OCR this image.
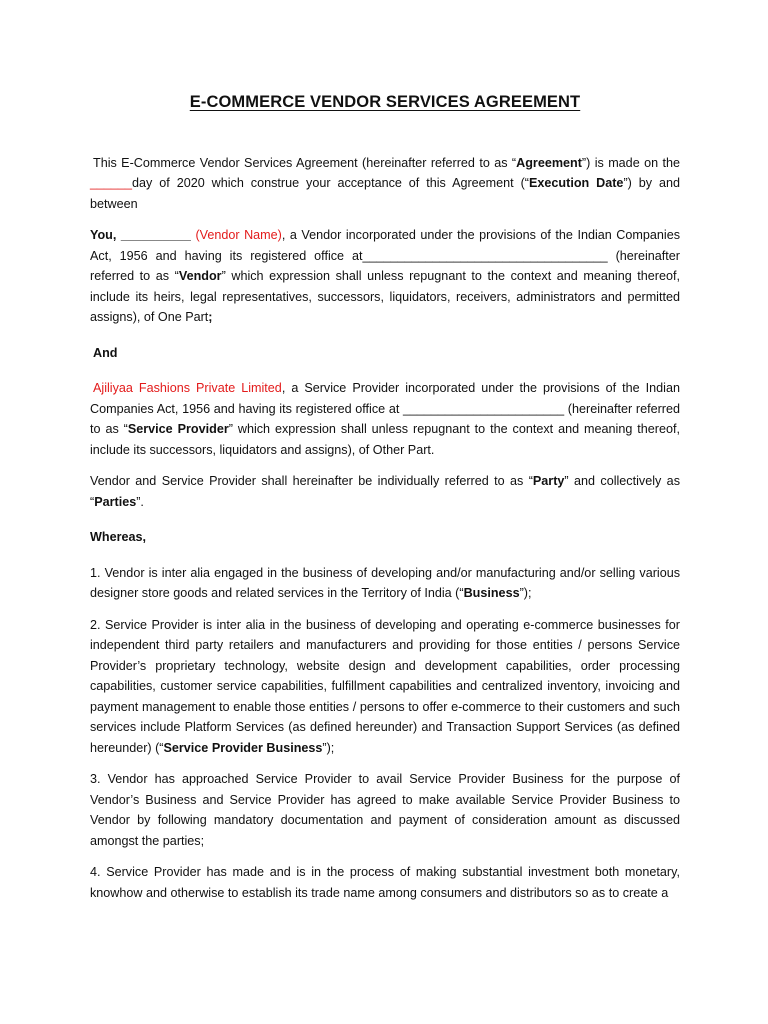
E-COMMERCE VENDOR SERVICES AGREEMENT

This E-Commerce Vendor Services Agreement (hereinafter referred to as “Agreement”) is made on the ______day of 2020 which construe your acceptance of this Agreement (“Execution Date”) by and between

You, __________ (Vendor Name), a Vendor incorporated under the provisions of the Indian Companies Act, 1956 and having its registered office at___________________________________ (hereinafter referred to as “Vendor” which expression shall unless repugnant to the context and meaning thereof, include its heirs, legal representatives, successors, liquidators, receivers, administrators and permitted assigns), of One Part;

And

Ajiliyaa Fashions Private Limited, a Service Provider incorporated under the provisions of the Indian Companies Act, 1956 and having its registered office at _______________________ (hereinafter referred to as “Service Provider” which expression shall unless repugnant to the context and meaning thereof, include its successors, liquidators and assigns), of Other Part.

Vendor and Service Provider shall hereinafter be individually referred to as “Party” and collectively as “Parties”.

Whereas,

1. Vendor is inter alia engaged in the business of developing and/or manufacturing and/or selling various designer store goods and related services in the Territory of India (“Business”);

2. Service Provider is inter alia in the business of developing and operating e-commerce businesses for independent third party retailers and manufacturers and providing for those entities / persons Service Provider’s proprietary technology, website design and development capabilities, order processing capabilities, customer service capabilities, fulfillment capabilities and centralized inventory, invoicing and payment management to enable those entities / persons to offer e-commerce to their customers and such services include Platform Services (as defined hereunder) and Transaction Support Services (as defined hereunder) (“Service Provider Business”);

3. Vendor has approached Service Provider to avail Service Provider Business for the purpose of Vendor’s Business and Service Provider has agreed to make available Service Provider Business to Vendor by following mandatory documentation and payment of consideration amount as discussed amongst the parties;

4. Service Provider has made and is in the process of making substantial investment both monetary, knowhow and otherwise to establish its trade name among consumers and distributors so as to create a
